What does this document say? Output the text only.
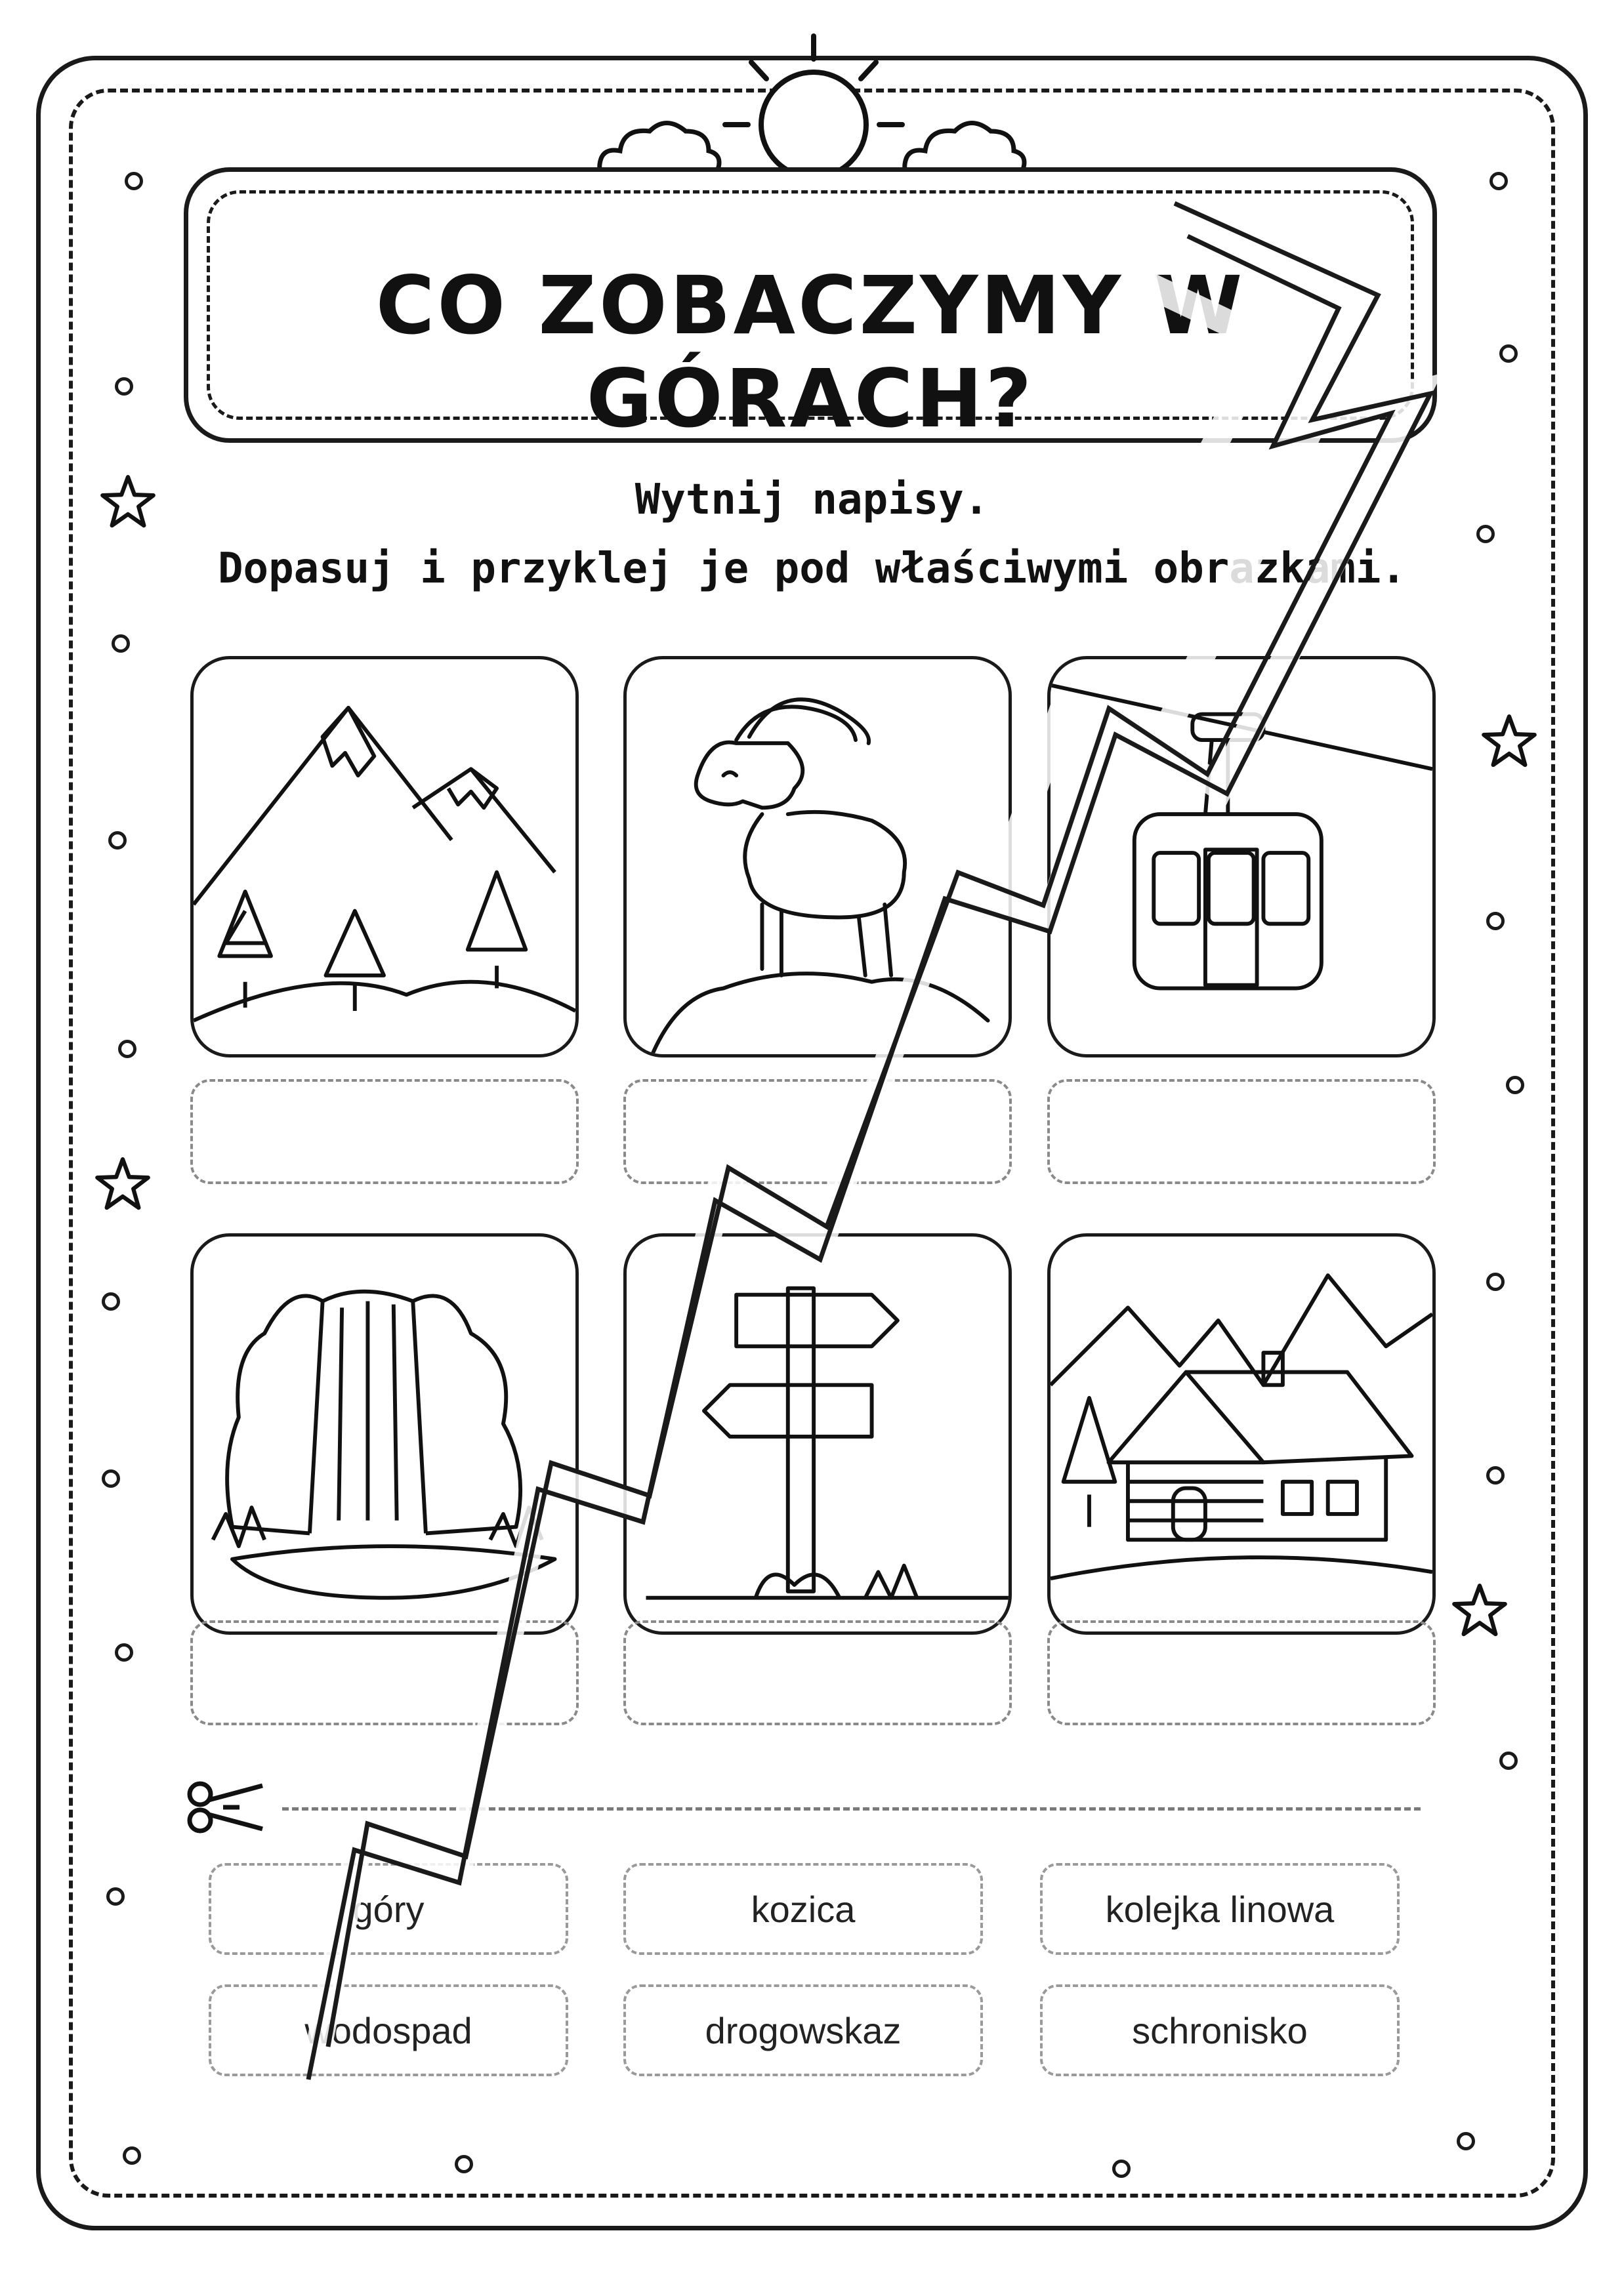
CO ZOBACZYMY W GÓRACH?
Wytnij napisy.
Dopasuj i przyklej je pod właściwymi obrazkami.
góry	kozica	kolejka linowa
wodospad	drogowskaz	schronisko
